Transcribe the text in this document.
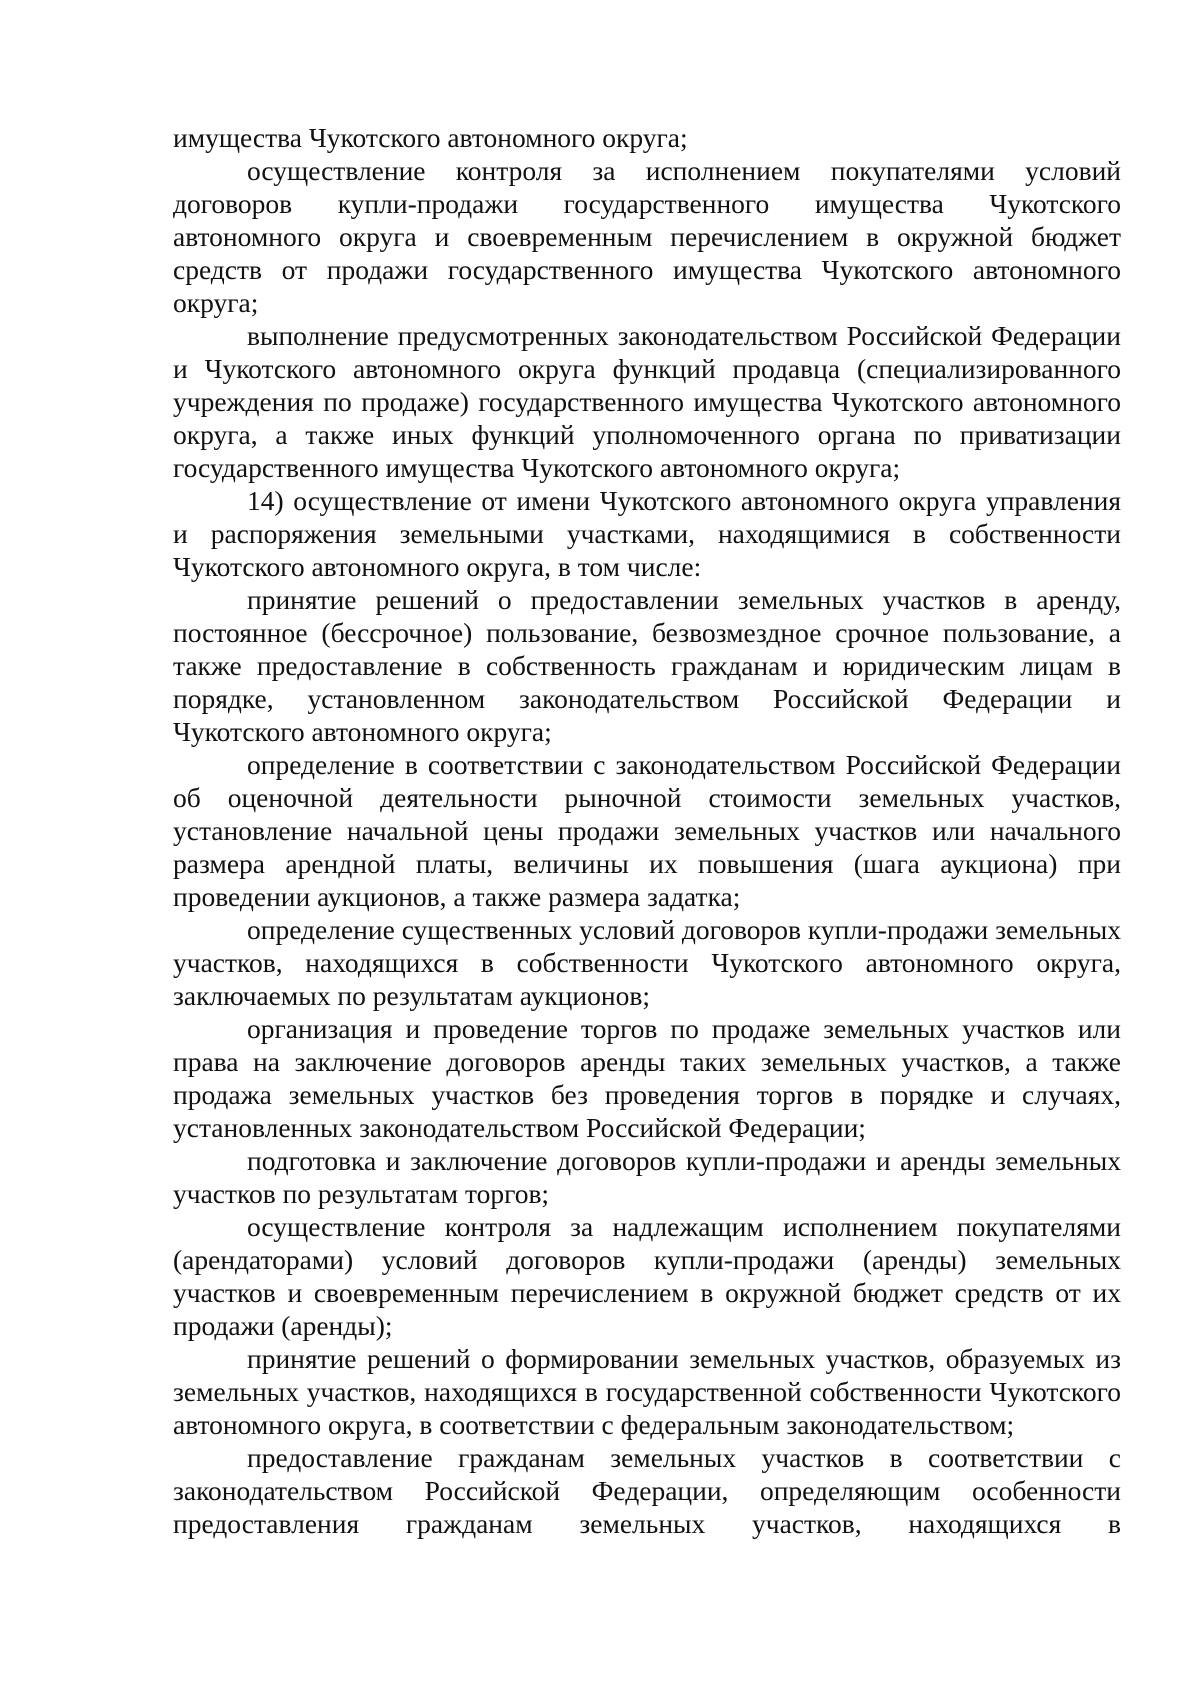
имущества Чукотского автономного округа;

осуществление контроля за исполнением покупателями условий договоров купли-продажи государственного имущества Чукотского автономного округа и своевременным перечислением в окружной бюджет средств от продажи государственного имущества Чукотского автономного округа;

выполнение предусмотренных законодательством Российской Федерации и Чукотского автономного округа функций продавца (специализированного учреждения по продаже) государственного имущества Чукотского автономного округа, а также иных функций уполномоченного органа по приватизации государственного имущества Чукотского автономного округа;

14) осуществление от имени Чукотского автономного округа управления и распоряжения земельными участками, находящимися в собственности Чукотского автономного округа, в том числе:

принятие решений о предоставлении земельных участков в аренду, постоянное (бессрочное) пользование, безвозмездное срочное пользование, а также предоставление в собственность гражданам и юридическим лицам в порядке, установленном законодательством Российской Федерации и Чукотского автономного округа;

определение в соответствии с законодательством Российской Федерации об оценочной деятельности рыночной стоимости земельных участков, установление начальной цены продажи земельных участков или начального размера арендной платы, величины их повышения (шага аукциона) при проведении аукционов, а также размера задатка;

определение существенных условий договоров купли-продажи земельных участков, находящихся в собственности Чукотского автономного округа, заключаемых по результатам аукционов;

организация и проведение торгов по продаже земельных участков или права на заключение договоров аренды таких земельных участков, а также продажа земельных участков без проведения торгов в порядке и случаях, установленных законодательством Российской Федерации;

подготовка и заключение договоров купли-продажи и аренды земельных участков по результатам торгов;

осуществление контроля за надлежащим исполнением покупателями (арендаторами) условий договоров купли-продажи (аренды) земельных участков и своевременным перечислением в окружной бюджет средств от их продажи (аренды);

принятие решений о формировании земельных участков, образуемых из земельных участков, находящихся в государственной собственности Чукотского автономного округа, в соответствии с федеральным законодательством;

предоставление гражданам земельных участков в соответствии с законодательством Российской Федерации, определяющим особенности предоставления гражданам земельных участков, находящихся в
